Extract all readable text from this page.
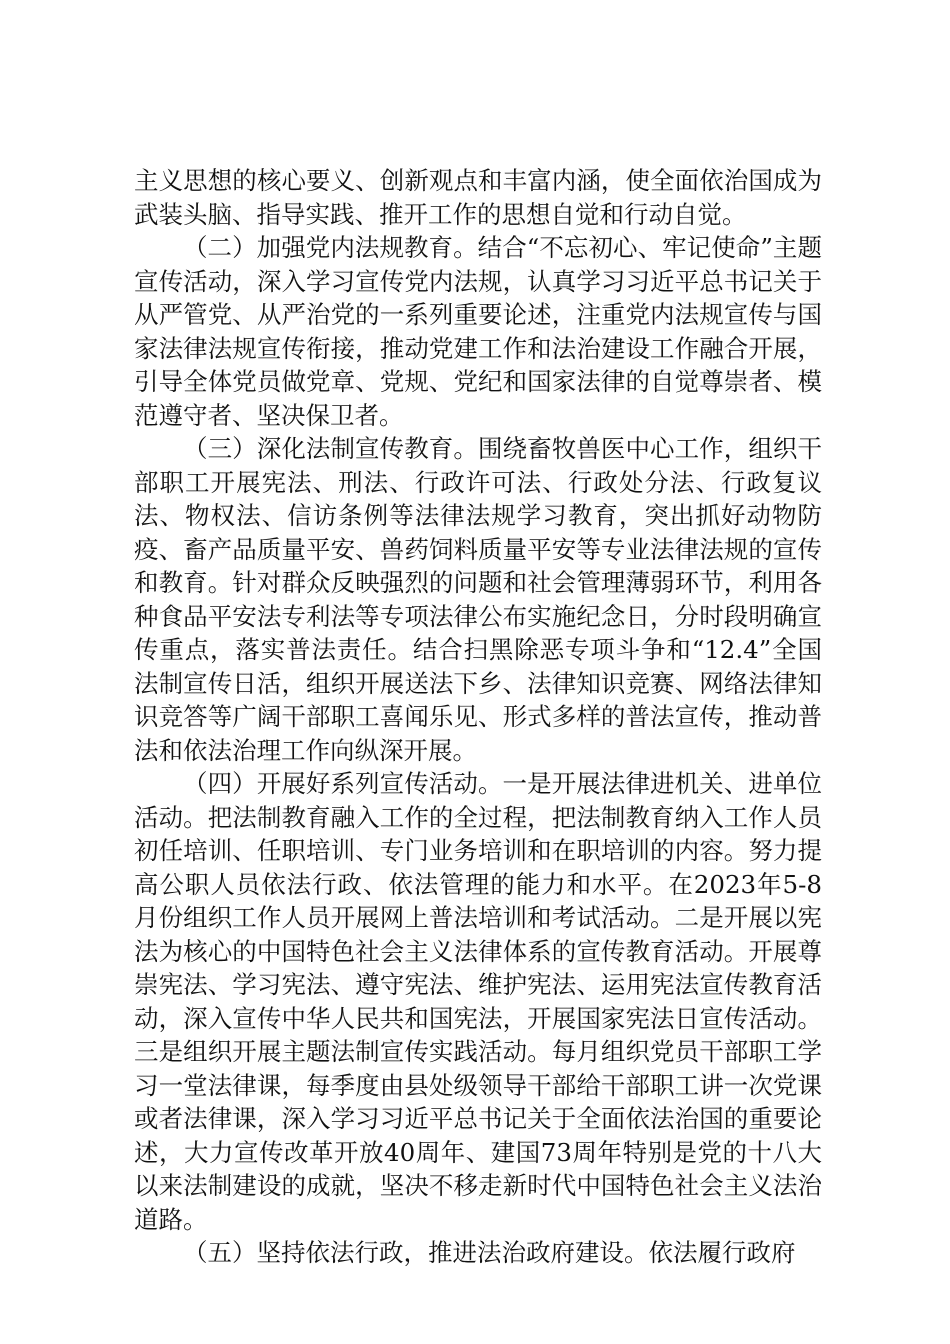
主义思想的核心要义、创新观点和丰富内涵，使全面依治国成为武装头脑、指导实践、推开工作的思想自觉和行动自觉。

（二）加强党内法规教育。结合“不忘初心、牢记使命”主题宣传活动，深入学习宣传党内法规，认真学习习近平总书记关于从严管党、从严治党的一系列重要论述，注重党内法规宣传与国家法律法规宣传衔接，推动党建工作和法治建设工作融合开展，引导全体党员做党章、党规、党纪和国家法律的自觉尊崇者、模范遵守者、坚决保卫者。

（三）深化法制宣传教育。围绕畜牧兽医中心工作，组织干部职工开展宪法、刑法、行政许可法、行政处分法、行政复议法、物权法、信访条例等法律法规学习教育，突出抓好动物防疫、畜产品质量平安、兽药饲料质量平安等专业法律法规的宣传和教育。针对群众反映强烈的问题和社会管理薄弱环节，利用各种食品平安法专利法等专项法律公布实施纪念日，分时段明确宣传重点，落实普法责任。结合扫黑除恶专项斗争和“12.4”全国法制宣传日活，组织开展送法下乡、法律知识竞赛、网络法律知识竞答等广阔干部职工喜闻乐见、形式多样的普法宣传，推动普法和依法治理工作向纵深开展。

（四）开展好系列宣传活动。一是开展法律进机关、进单位活动。把法制教育融入工作的全过程，把法制教育纳入工作人员初任培训、任职培训、专门业务培训和在职培训的内容。努力提高公职人员依法行政、依法管理的能力和水平。在2023年5-8月份组织工作人员开展网上普法培训和考试活动。二是开展以宪法为核心的中国特色社会主义法律体系的宣传教育活动。开展尊崇宪法、学习宪法、遵守宪法、维护宪法、运用宪法宣传教育活动，深入宣传中华人民共和国宪法，开展国家宪法日宣传活动。三是组织开展主题法制宣传实践活动。每月组织党员干部职工学习一堂法律课，每季度由县处级领导干部给干部职工讲一次党课或者法律课，深入学习习近平总书记关于全面依法治国的重要论述，大力宣传改革开放40周年、建国73周年特别是党的十八大以来法制建设的成就，坚决不移走新时代中国特色社会主义法治道路。

（五）坚持依法行政，推进法治政府建设。依法履行政府
